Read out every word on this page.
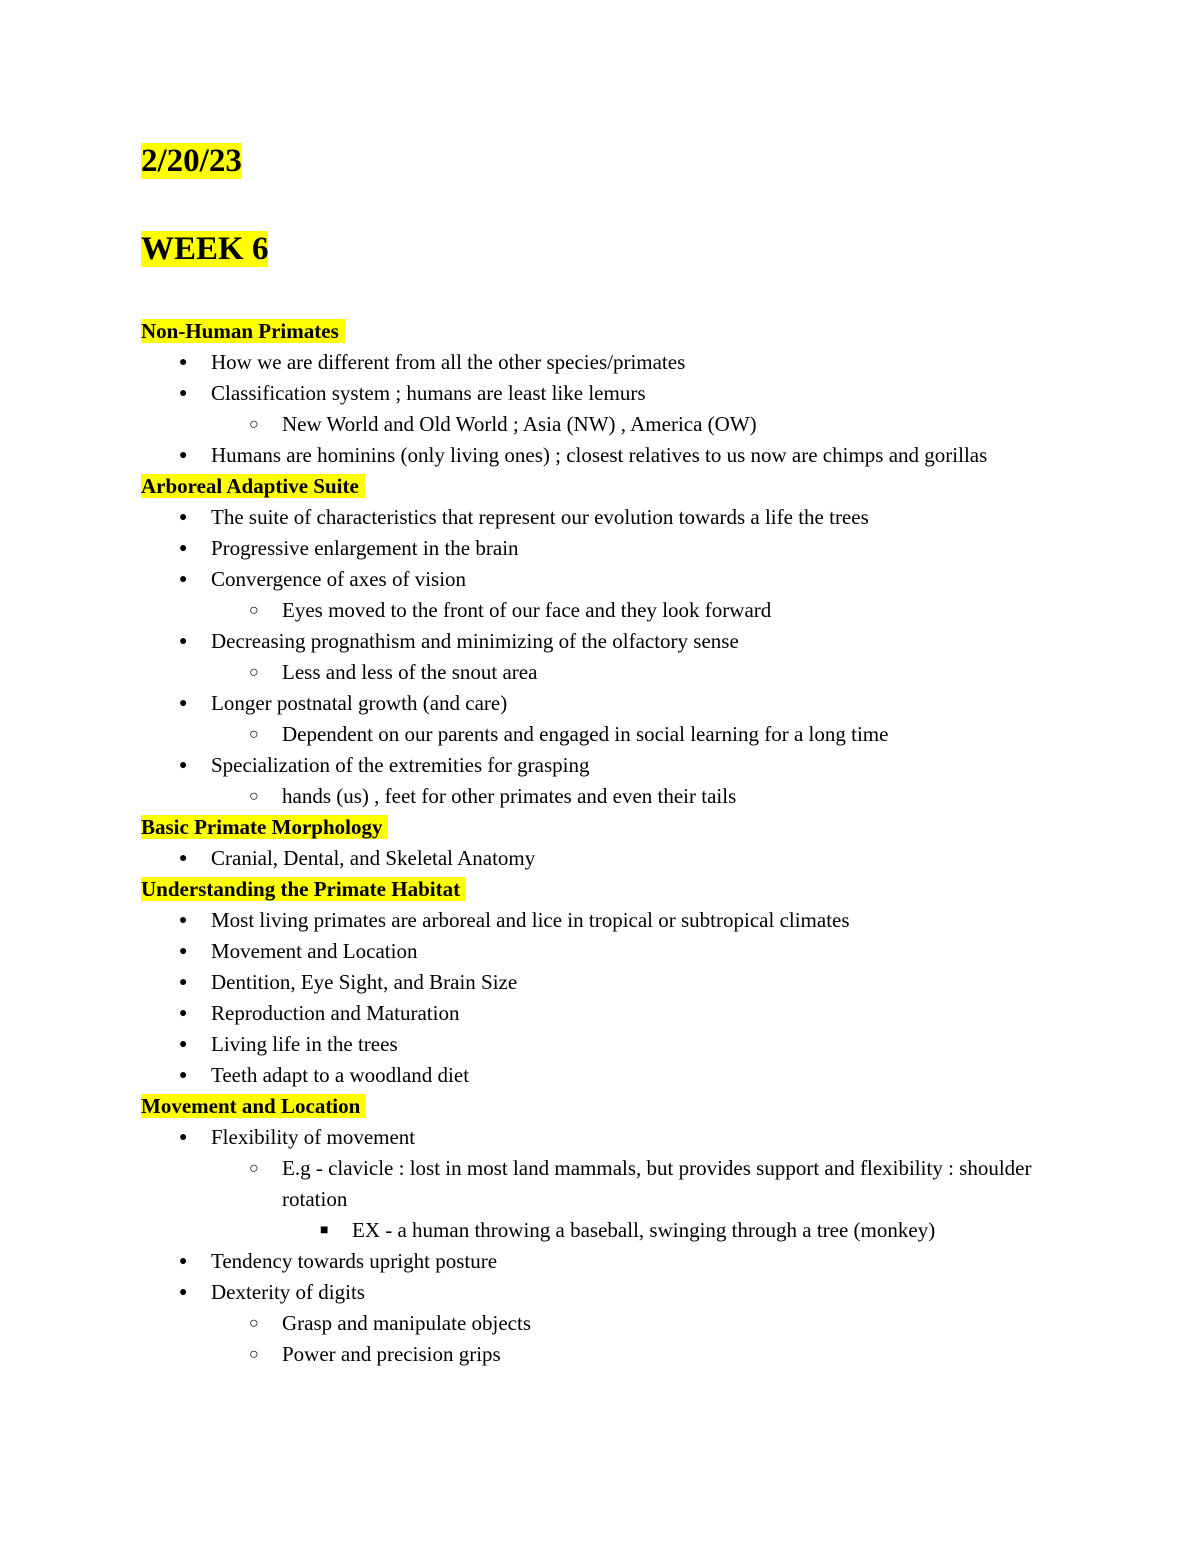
2/20/23
WEEK 6
Non-Human Primates
● How we are different from all the other species/primates
● Classification system ; humans are least like lemurs
○ New World and Old World ; Asia (NW) , America (OW)
● Humans are hominins (only living ones) ; closest relatives to us now are chimps and gorillas
Arboreal Adaptive Suite
● The suite of characteristics that represent our evolution towards a life the trees
● Progressive enlargement in the brain
● Convergence of axes of vision
○ Eyes moved to the front of our face and they look forward
● Decreasing prognathism and minimizing of the olfactory sense
○ Less and less of the snout area
● Longer postnatal growth (and care)
○ Dependent on our parents and engaged in social learning for a long time
● Specialization of the extremities for grasping
○ hands (us) , feet for other primates and even their tails
Basic Primate Morphology
● Cranial, Dental, and Skeletal Anatomy
Understanding the Primate Habitat
● Most living primates are arboreal and lice in tropical or subtropical climates
● Movement and Location
● Dentition, Eye Sight, and Brain Size
● Reproduction and Maturation
● Living life in the trees
● Teeth adapt to a woodland diet
Movement and Location
● Flexibility of movement
○ E.g - clavicle : lost in most land mammals, but provides support and flexibility : shoulder rotation
■ EX - a human throwing a baseball, swinging through a tree (monkey)
● Tendency towards upright posture
● Dexterity of digits
○ Grasp and manipulate objects
○ Power and precision grips
